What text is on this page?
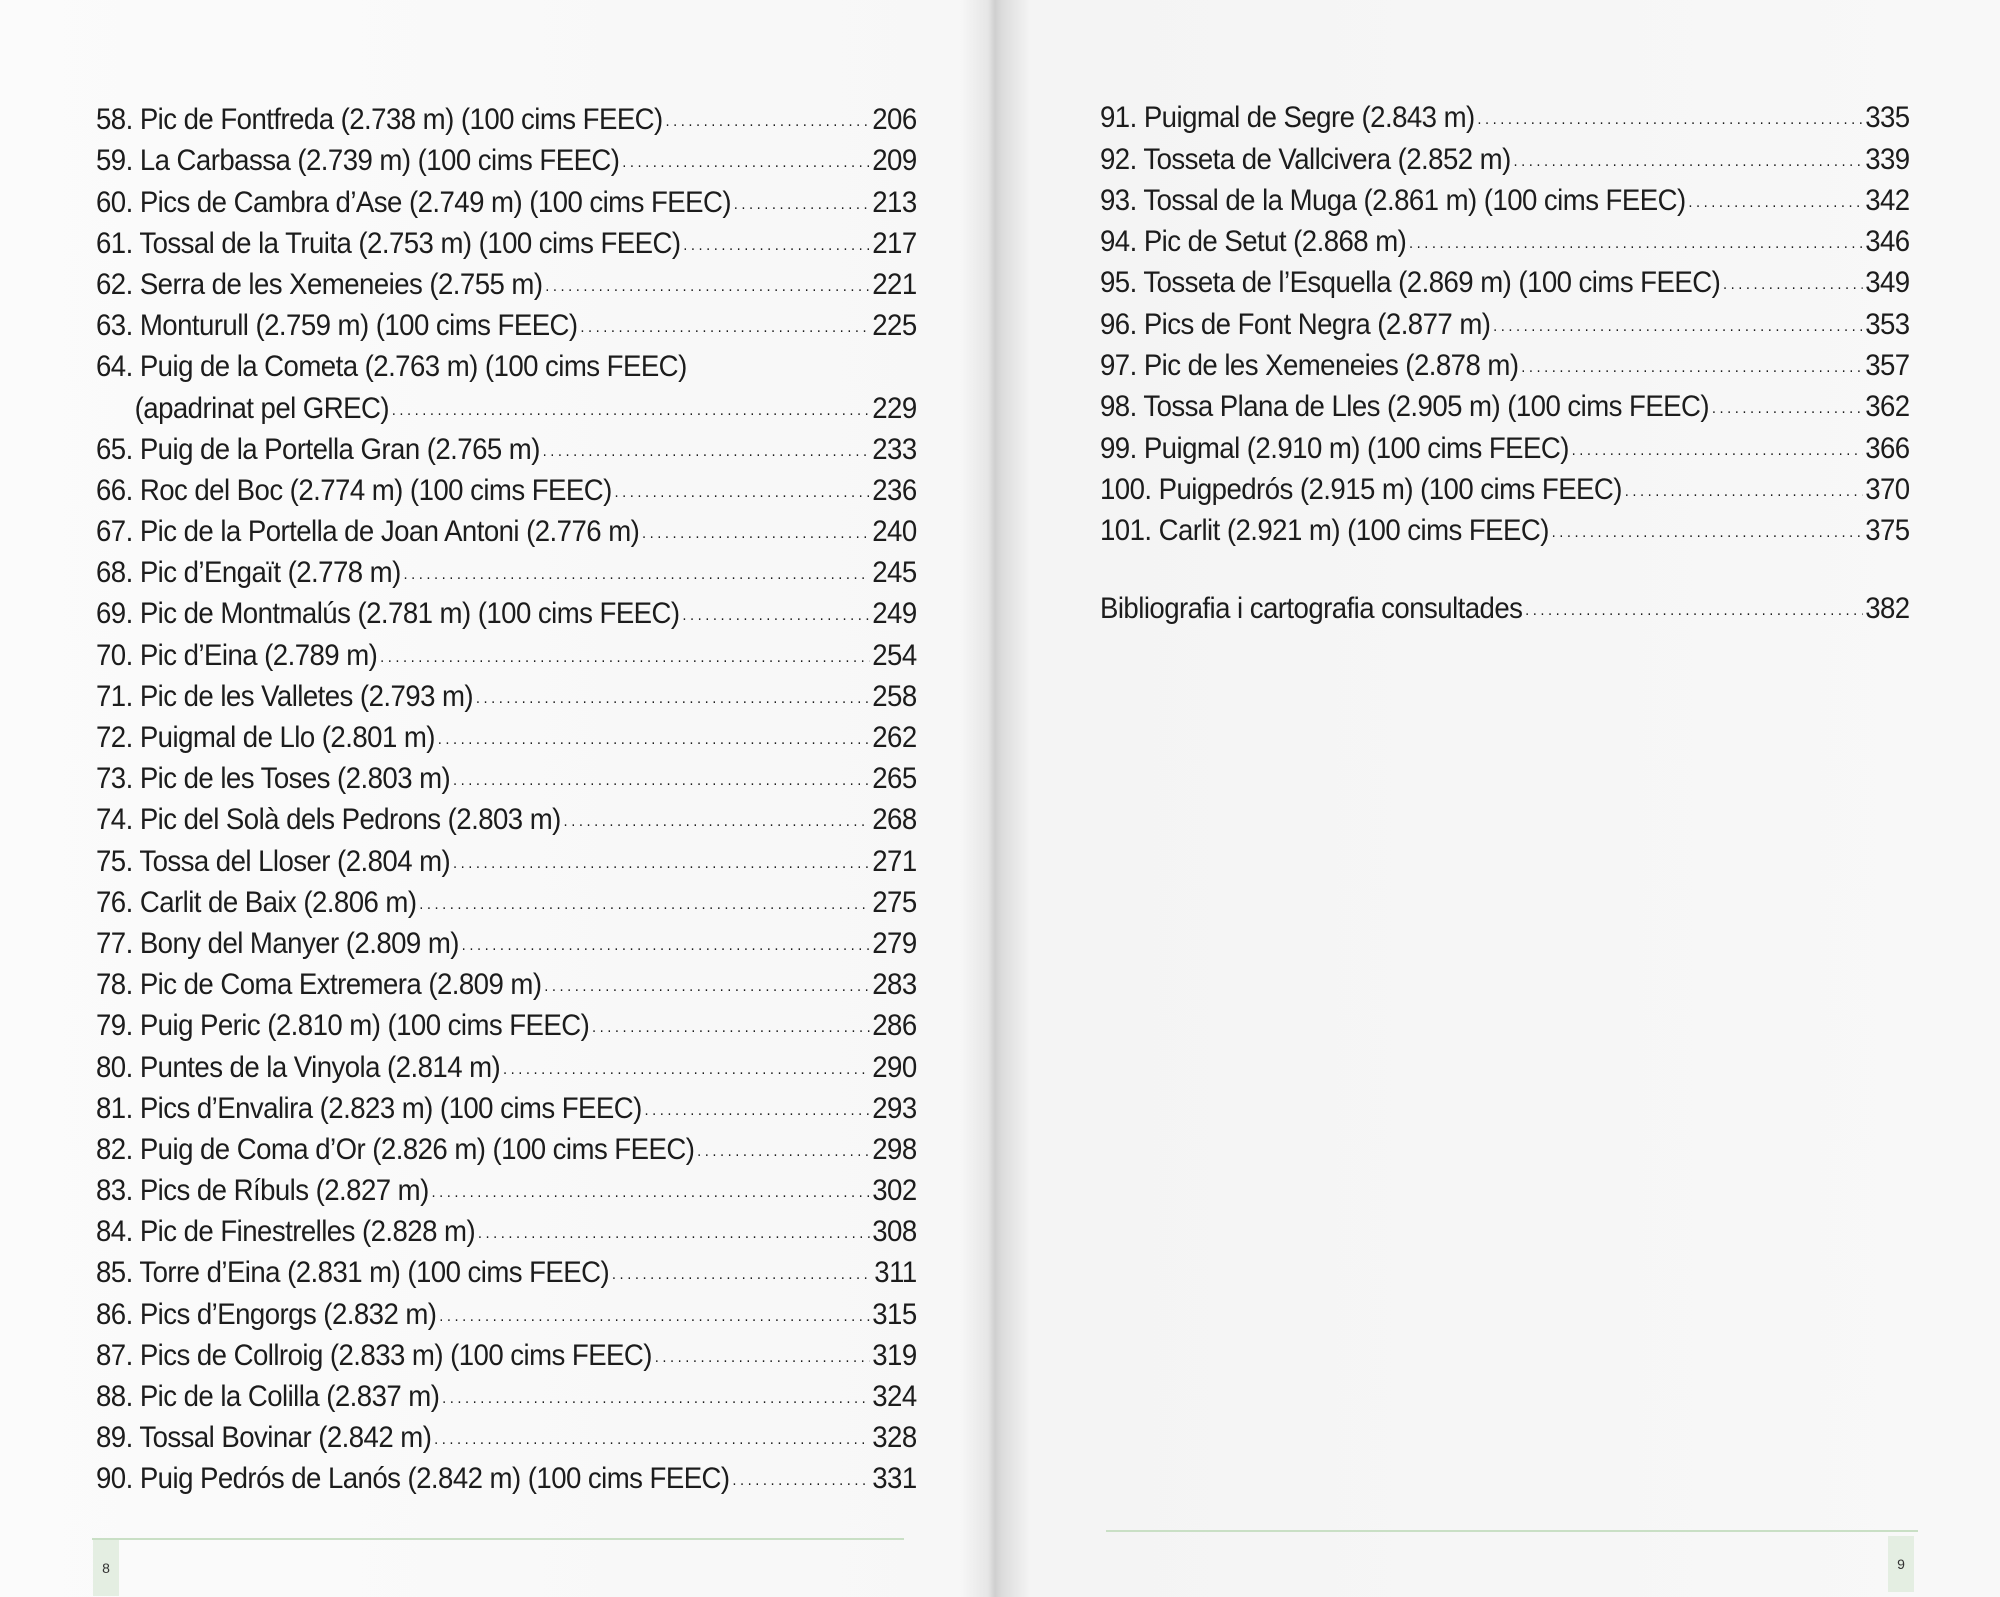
58. Pic de Fontfreda (2.738 m) (100 cims FEEC) . . .	206
59. La Carbassa (2.739 m) (100 cims FEEC) . . .	209
60. Pics de Cambra d’Ase (2.749 m) (100 cims FEEC) . . .	213
61. Tossal de la Truita (2.753 m) (100 cims FEEC) . . .	217
62. Serra de les Xemeneies (2.755 m) . . .	221
63. Monturull (2.759 m) (100 cims FEEC) . . .	225
64. Puig de la Cometa (2.763 m) (100 cims FEEC)
(apadrinat pel GREC) . . .	229
65. Puig de la Portella Gran (2.765 m) . . .	233
66. Roc del Boc (2.774 m) (100 cims FEEC) . . .	236
67. Pic de la Portella de Joan Antoni (2.776 m) . . .	240
68. Pic d’Engaït (2.778 m) . . .	245
69. Pic de Montmalús (2.781 m) (100 cims FEEC) . . .	249
70. Pic d’Eina (2.789 m) . . .	254
71. Pic de les Valletes (2.793 m) . . .	258
72. Puigmal de Llo (2.801 m) . . .	262
73. Pic de les Toses (2.803 m) . . .	265
74. Pic del Solà dels Pedrons (2.803 m) . . .	268
75. Tossa del Lloser (2.804 m) . . .	271
76. Carlit de Baix (2.806 m) . . .	275
77. Bony del Manyer (2.809 m) . . .	279
78. Pic de Coma Extremera (2.809 m) . . .	283
79. Puig Peric (2.810 m) (100 cims FEEC) . . .	286
80. Puntes de la Vinyola (2.814 m) . . .	290
81. Pics d’Envalira (2.823 m) (100 cims FEEC) . . .	293
82. Puig de Coma d’Or (2.826 m) (100 cims FEEC) . . .	298
83. Pics de Ríbuls (2.827 m) . . .	302
84. Pic de Finestrelles (2.828 m) . . .	308
85. Torre d’Eina (2.831 m) (100 cims FEEC) . . .	311
86. Pics d’Engorgs (2.832 m) . . .	315
87. Pics de Collroig (2.833 m) (100 cims FEEC) . . .	319
88. Pic de la Colilla (2.837 m) . . .	324
89. Tossal Bovinar (2.842 m) . . .	328
90. Puig Pedrós de Lanós (2.842 m) (100 cims FEEC) . . .	331
8
91. Puigmal de Segre (2.843 m) . . .	335
92. Tosseta de Vallcivera (2.852 m) . . .	339
93. Tossal de la Muga (2.861 m) (100 cims FEEC) . . .	342
94. Pic de Setut (2.868 m) . . .	346
95. Tosseta de l’Esquella (2.869 m) (100 cims FEEC) . . .	349
96. Pics de Font Negra (2.877 m) . . .	353
97. Pic de les Xemeneies (2.878 m) . . .	357
98. Tossa Plana de Lles (2.905 m) (100 cims FEEC) . . .	362
99. Puigmal (2.910 m) (100 cims FEEC) . . .	366
100. Puigpedrós (2.915 m) (100 cims FEEC) . . .	370
101. Carlit (2.921 m) (100 cims FEEC) . . .	375
Bibliografia i cartografia consultades . . .	382
9
